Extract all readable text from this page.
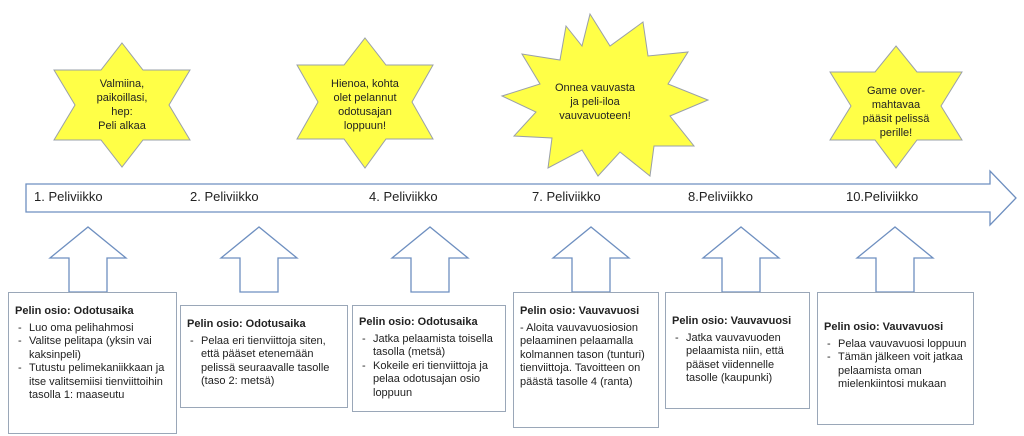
Valmiina,
paikoillasi,
hep:
Peli alkaa
Hienoa, kohta
olet pelannut
odotusajan
loppuun!
Onnea vauvasta
ja peli-iloa
vauvavuoteen!
Game over-
mahtavaa
pääsit pelissä
perille!
1. Peliviikko	2. Peliviikko	4. Peliviikko	7. Peliviikko	8.Peliviikko	10.Peliviikko
Pelin osio: Odotusaika
- Luo oma pelihahmosi
- Valitse pelitapa (yksin vai kaksinpeli)
- Tutustu pelimekaniikkaan ja itse valitsemiisi tienviittoihin tasolla 1: maaseutu
Pelin osio: Odotusaika
- Pelaa eri tienviittoja siten, että pääset etenemään pelissä seuraavalle tasolle (taso 2: metsä)
Pelin osio: Odotusaika
- Jatka pelaamista toisella tasolla (metsä)
- Kokeile eri tienviittoja ja pelaa odotusajan osio loppuun
Pelin osio: Vauvavuosi
- Aloita vauvavuosiosion pelaaminen pelaamalla kolmannen tason (tunturi) tienviittoja. Tavoitteen on päästä tasolle 4 (ranta)
Pelin osio: Vauvavuosi
- Jatka vauvavuoden pelaamista niin, että pääset viidennelle tasolle (kaupunki)
Pelin osio: Vauvavuosi
- Pelaa vauvavuosi loppuun
- Tämän jälkeen voit jatkaa pelaamista oman mielenkiintosi mukaan
